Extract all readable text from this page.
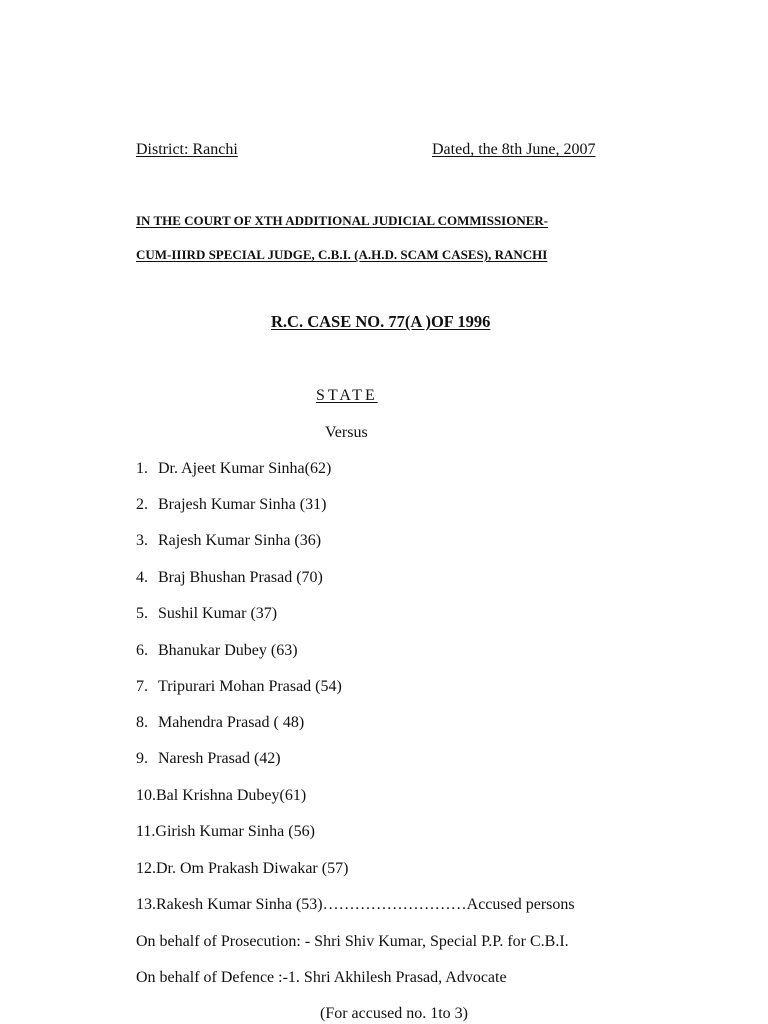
District: Ranchi	Dated, the 8th June, 2007
IN THE COURT OF XTH ADDITIONAL JUDICIAL COMMISSIONER-
CUM-IIIRD SPECIAL JUDGE, C.B.I. (A.H.D. SCAM CASES), RANCHI
R.C. CASE NO. 77(A )OF 1996
STATE
Versus
1. Dr. Ajeet Kumar Sinha(62)
2. Brajesh Kumar Sinha (31)
3. Rajesh Kumar Sinha (36)
4. Braj Bhushan Prasad (70)
5. Sushil Kumar (37)
6. Bhanukar Dubey (63)
7. Tripurari Mohan Prasad (54)
8. Mahendra Prasad ( 48)
9. Naresh Prasad (42)
10.Bal Krishna Dubey(61)
11.Girish Kumar Sinha (56)
12.Dr. Om Prakash Diwakar (57)
13.Rakesh Kumar Sinha (53)………………………Accused persons
On behalf of Prosecution: - Shri Shiv Kumar, Special P.P. for C.B.I.
On behalf of Defence :-1. Shri Akhilesh Prasad, Advocate
(For accused no. 1to 3)
